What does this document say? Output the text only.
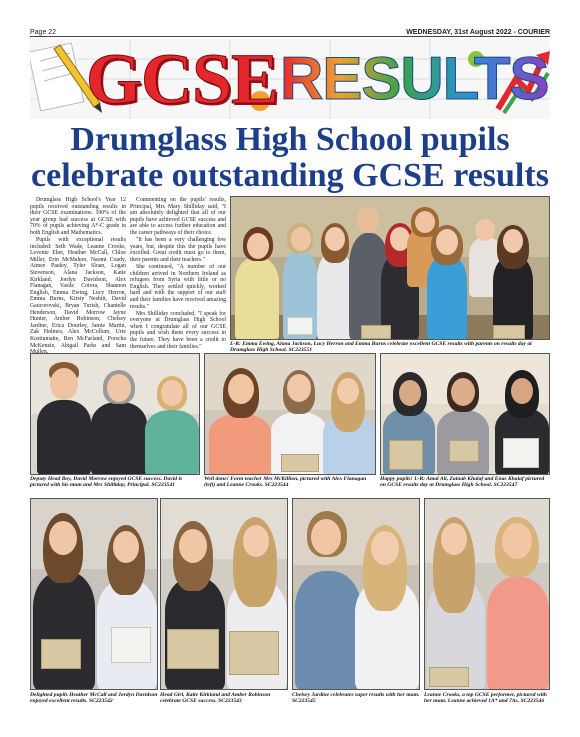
Page 22	WEDNESDAY, 31st August 2022 - COURIER
GCSE RESULTS
Drumglass High School pupils celebrate outstanding GCSE results

Drumglass High School's Year 12 pupils received outstanding results in their GCSE examinations. 100% of the year group had success at GCSE with 70% of pupils achieving A*-C grade in both English and Mathematics.

Pupils with exceptional results included: Seth Wade, Leanne Crooks, Levente Eber, Heather McCall, Chloe Miller, Erin McMahon, Naomi Coady, Aimee Pauley, Tyler Sloan, Logan Stevenson, Alana Jackson, Katie Kirkland, Jordyn Davidson, Alex Flanagan, Vasile Cotora, Shannon English, Emma Ewing, Lucy Herron, Emma Burns, Kirsty Nesbitt, David Gaucorovski, Bryan Turish, Chantelle Henderson, David Morrow Jayne Hunter, Amber Robinson, Chelsey Jardine, Erica Dourley, Jamie Martin, Zak Holmes, Alex McCollum, Urte Kostiumaite, Ben McFarland, Porscha McKenzie, Abigail Parks and Sam

Commenting on the pupils' results, Principal, Mrs Mary Shilliday said, "I am absolutely delighted that all of our pupils have achieved GCSE success and are able to access further education and the career pathways of their choice.

"It has been a very challenging few years, but, despite this the pupils have excelled. Great credit must go to them, their parents and their teachers."

She continued, "A number of our children arrived in Northern Ireland as refugees from Syria with little or no English. They settled quickly, worked hard and with the support of our staff and their families have received amazing results."

Mrs Shilliday concluded, "I speak for everyone at Drumglass High School when I congratulate all of our GCSE pupils and wish them every success in the future. They have been a credit to themselves and their families."	L-R: Emma Ewing, Alana Jackson, Lucy Herron and Emma Burns celebrate excellent GCSE results with parents on results day at Drumglass High School. SC223551
Deputy Head Boy, David Morrow enjoyed GCSE success. David is pictured with his mum and Mrs Shilliday, Principal. SC223541
Well done! Form teacher Mrs McKillion, pictured with Alex Flanagan (left) and Leanne Crooks. SC223544
Happy pupils! L-R: Amal Ali, Zainab Khalaf and Enas Khalaf pictured on GCSE results day at Drumglass High School. SC223547
Delighted pupils Heather McCall and Jordyn Davidson enjoyed excellent results. SC223542
Head Girl, Katie Kirkland and Amber Robinson celebrate GCSE success. SC223543
Chelsey Jardine celebrates super results with her mum. SC223545
Leanne Crooks, a top GCSE performer, pictured with her mum. Leanne achieved 1A* and 7As. SC223546
